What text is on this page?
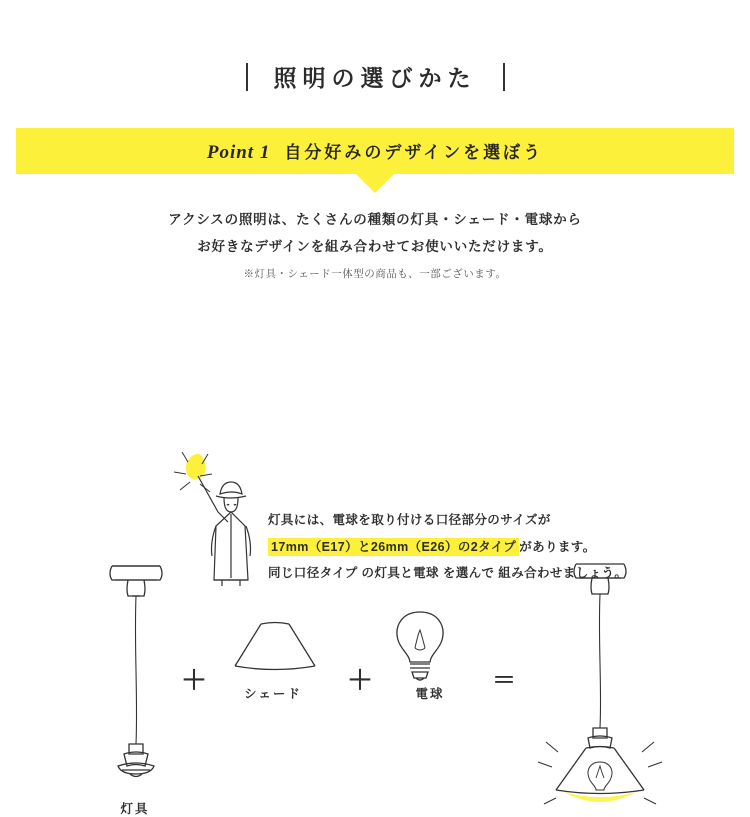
照明の選びかた
Point 1 自分好みのデザインを選ぼう

アクシスの照明は、たくさんの種類の灯具・シェード・電球から

お好きなデザインを組み合わせてお使いいただけます。

※灯具・シェード一体型の商品も、一部ございます。
灯具
＋	シェード	＋	電球	＝

灯具には、電球を取り付ける口径部分のサイズが

17mm（E17）と26mm（E26）の2タイプ があります。

同じ口径タイプ の灯具と電球 を選んで 組み合わせましょう。
